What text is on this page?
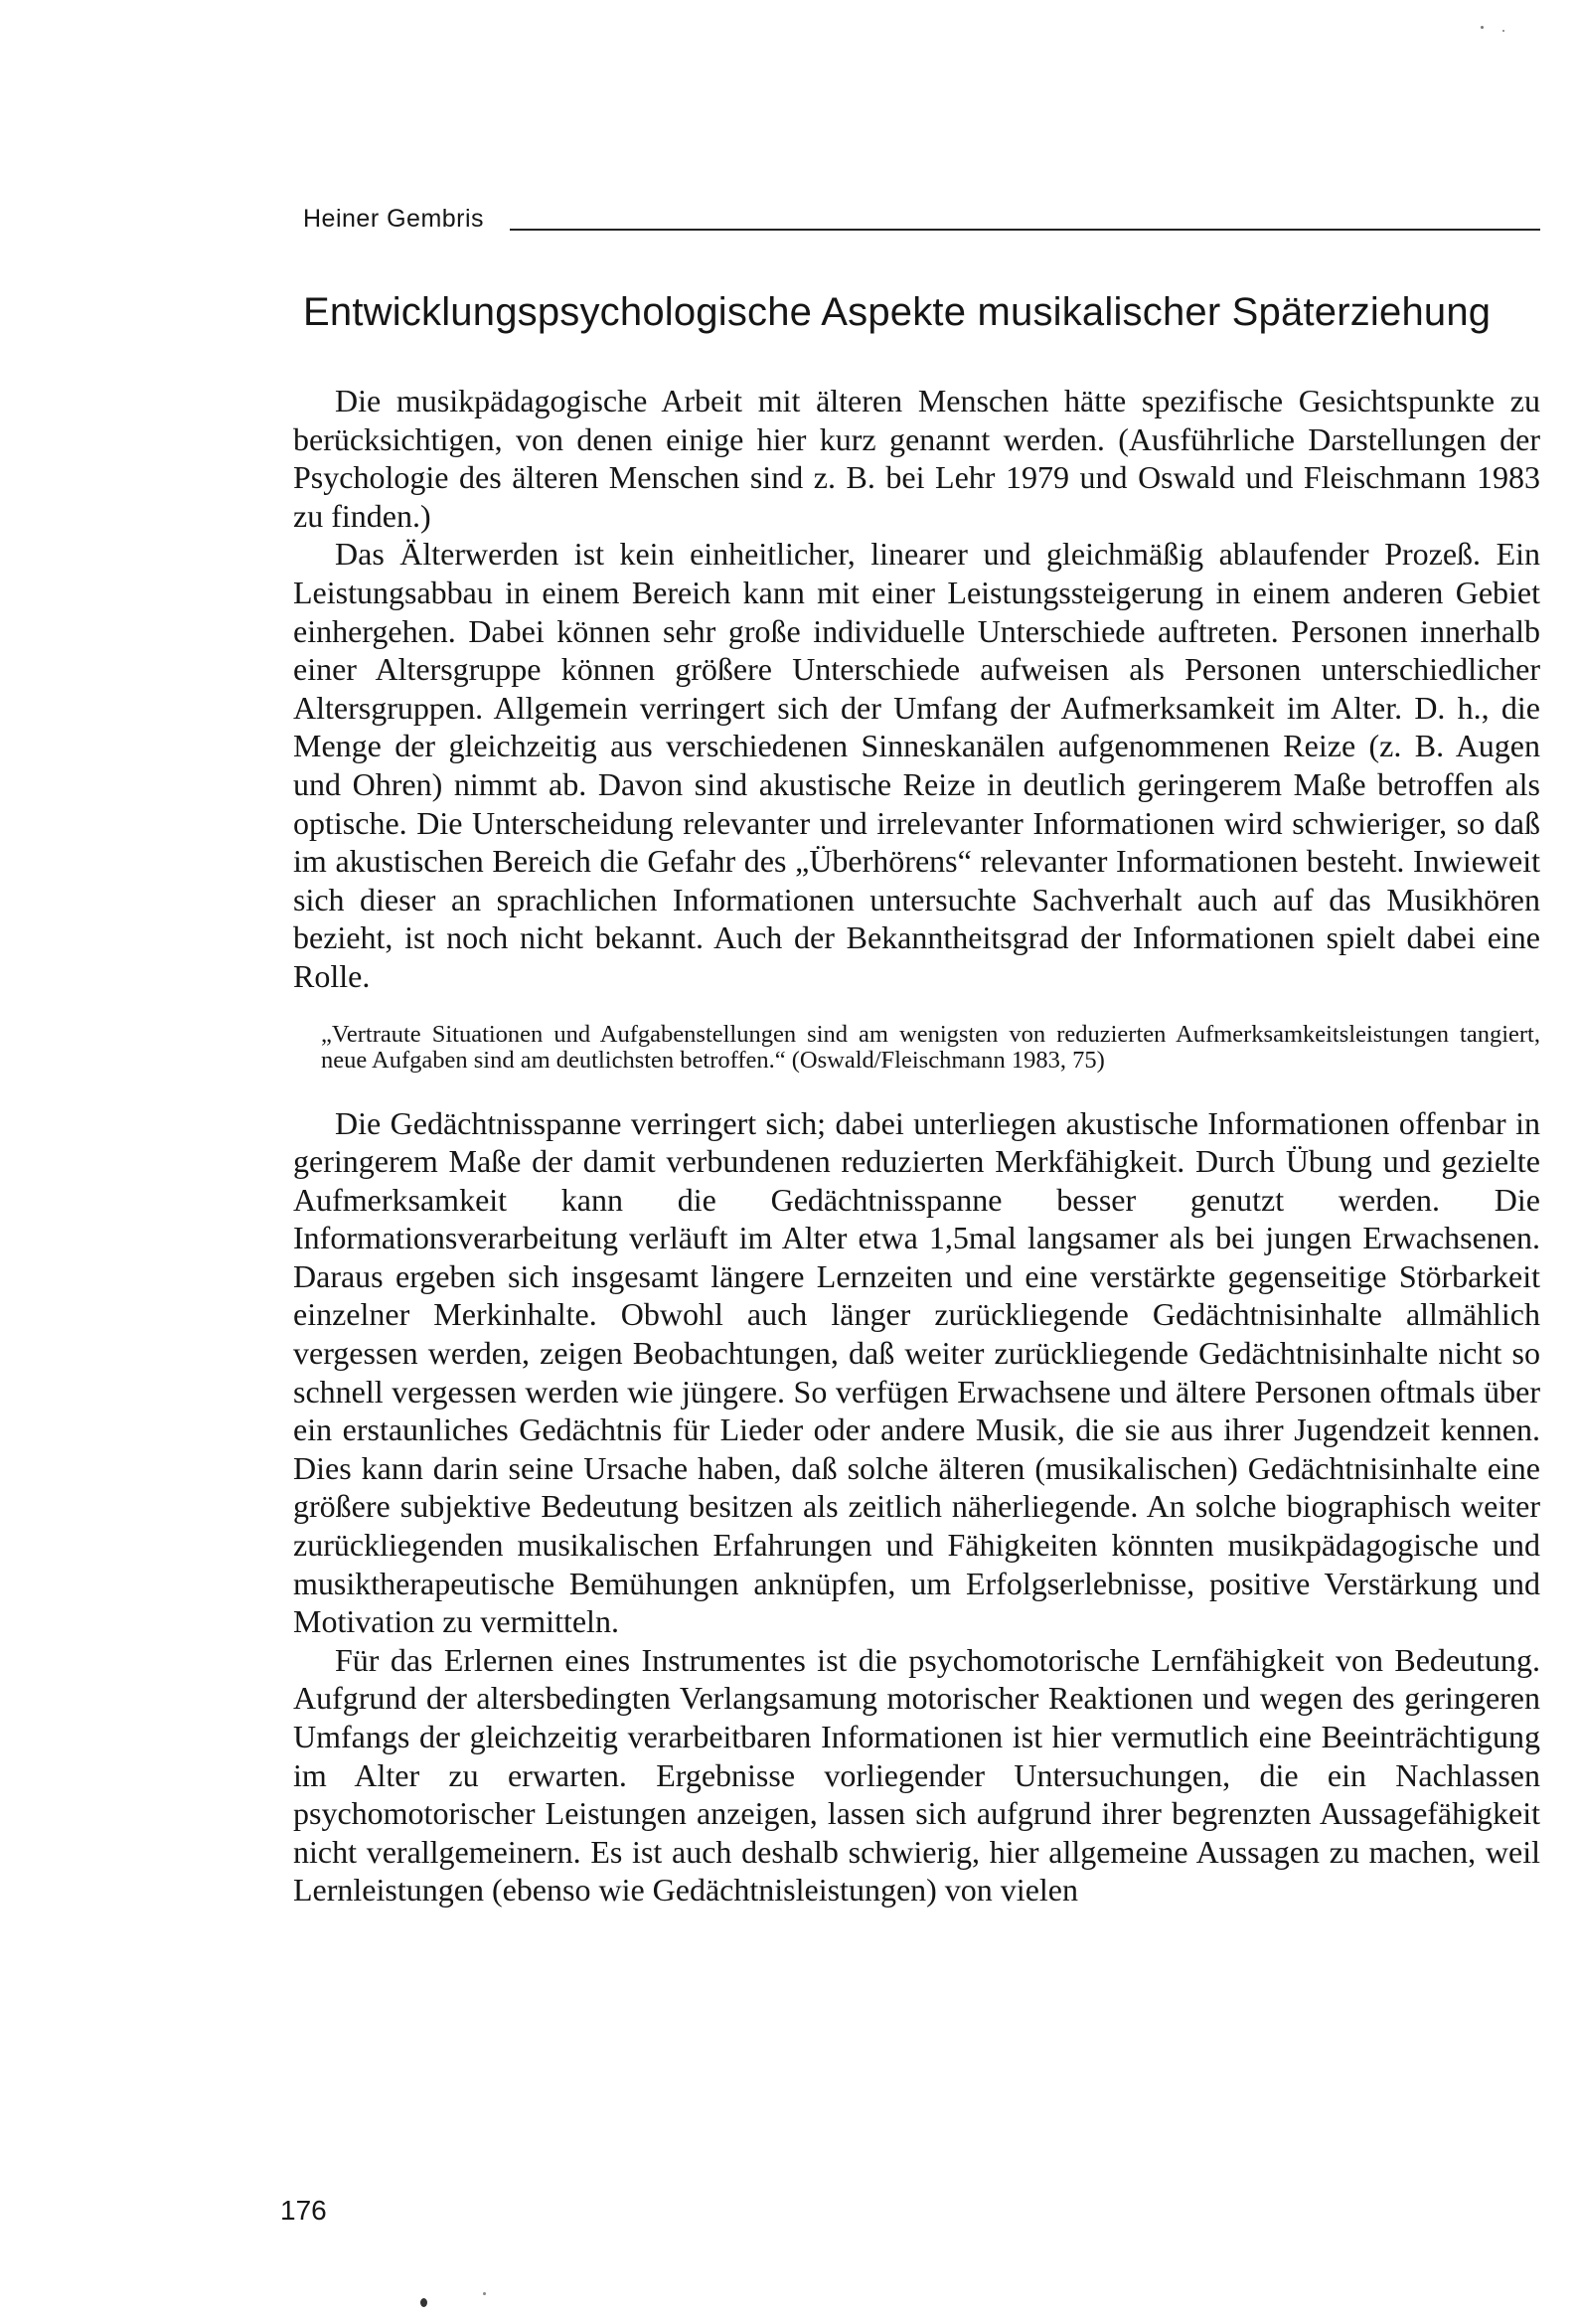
Heiner Gembris
Entwicklungspsychologische Aspekte musikalischer Späterziehung

Die musikpädagogische Arbeit mit älteren Menschen hätte spezifische Gesichtspunkte zu berücksichtigen, von denen einige hier kurz genannt werden. (Ausführliche Darstellungen der Psychologie des älteren Menschen sind z. B. bei Lehr 1979 und Oswald und Fleischmann 1983 zu finden.)

Das Älterwerden ist kein einheitlicher, linearer und gleichmäßig ablaufender Prozeß. Ein Leistungsabbau in einem Bereich kann mit einer Leistungssteigerung in einem anderen Gebiet einhergehen. Dabei können sehr große individuelle Unterschiede auftreten. Personen innerhalb einer Altersgruppe können größere Unterschiede aufweisen als Personen unterschiedlicher Altersgruppen. Allgemein verringert sich der Umfang der Aufmerksamkeit im Alter. D. h., die Menge der gleichzeitig aus verschiedenen Sinneskanälen aufgenommenen Reize (z. B. Augen und Ohren) nimmt ab. Davon sind akustische Reize in deutlich geringerem Maße betroffen als optische. Die Unterscheidung relevanter und irrelevanter Informationen wird schwieriger, so daß im akustischen Bereich die Gefahr des „Überhörens“ relevanter Informationen besteht. Inwieweit sich dieser an sprachlichen Informationen untersuchte Sachverhalt auch auf das Musikhören bezieht, ist noch nicht bekannt. Auch der Bekanntheitsgrad der Informationen spielt dabei eine Rolle.

„Vertraute Situationen und Aufgabenstellungen sind am wenigsten von reduzierten Aufmerksamkeitsleistungen tangiert, neue Aufgaben sind am deutlichsten betroffen.“ (Oswald/Fleischmann 1983, 75)

Die Gedächtnisspanne verringert sich; dabei unterliegen akustische Informationen offenbar in geringerem Maße der damit verbundenen reduzierten Merkfähigkeit. Durch Übung und gezielte Aufmerksamkeit kann die Gedächtnisspanne besser genutzt werden. Die Informationsverarbeitung verläuft im Alter etwa 1,5mal langsamer als bei jungen Erwachsenen. Daraus ergeben sich insgesamt längere Lernzeiten und eine verstärkte gegenseitige Störbarkeit einzelner Merkinhalte. Obwohl auch länger zurückliegende Gedächtnisinhalte allmählich vergessen werden, zeigen Beobachtungen, daß weiter zurückliegende Gedächtnisinhalte nicht so schnell vergessen werden wie jüngere. So verfügen Erwachsene und ältere Personen oftmals über ein erstaunliches Gedächtnis für Lieder oder andere Musik, die sie aus ihrer Jugendzeit kennen. Dies kann darin seine Ursache haben, daß solche älteren (musikalischen) Gedächtnisinhalte eine größere subjektive Bedeutung besitzen als zeitlich näherliegende. An solche biographisch weiter zurückliegenden musikalischen Erfahrungen und Fähigkeiten könnten musikpädagogische und musiktherapeutische Bemühungen anknüpfen, um Erfolgserlebnisse, positive Verstärkung und Motivation zu vermitteln.

Für das Erlernen eines Instrumentes ist die psychomotorische Lernfähigkeit von Bedeutung. Aufgrund der altersbedingten Verlangsamung motorischer Reaktionen und wegen des geringeren Umfangs der gleichzeitig verarbeitbaren Informationen ist hier vermutlich eine Beeinträchtigung im Alter zu erwarten. Ergebnisse vorliegender Untersuchungen, die ein Nachlassen psychomotorischer Leistungen anzeigen, lassen sich aufgrund ihrer begrenzten Aussagefähigkeit nicht verallgemeinern. Es ist auch deshalb schwierig, hier allgemeine Aussagen zu machen, weil Lernleistungen (ebenso wie Gedächtnisleistungen) von vielen

176
